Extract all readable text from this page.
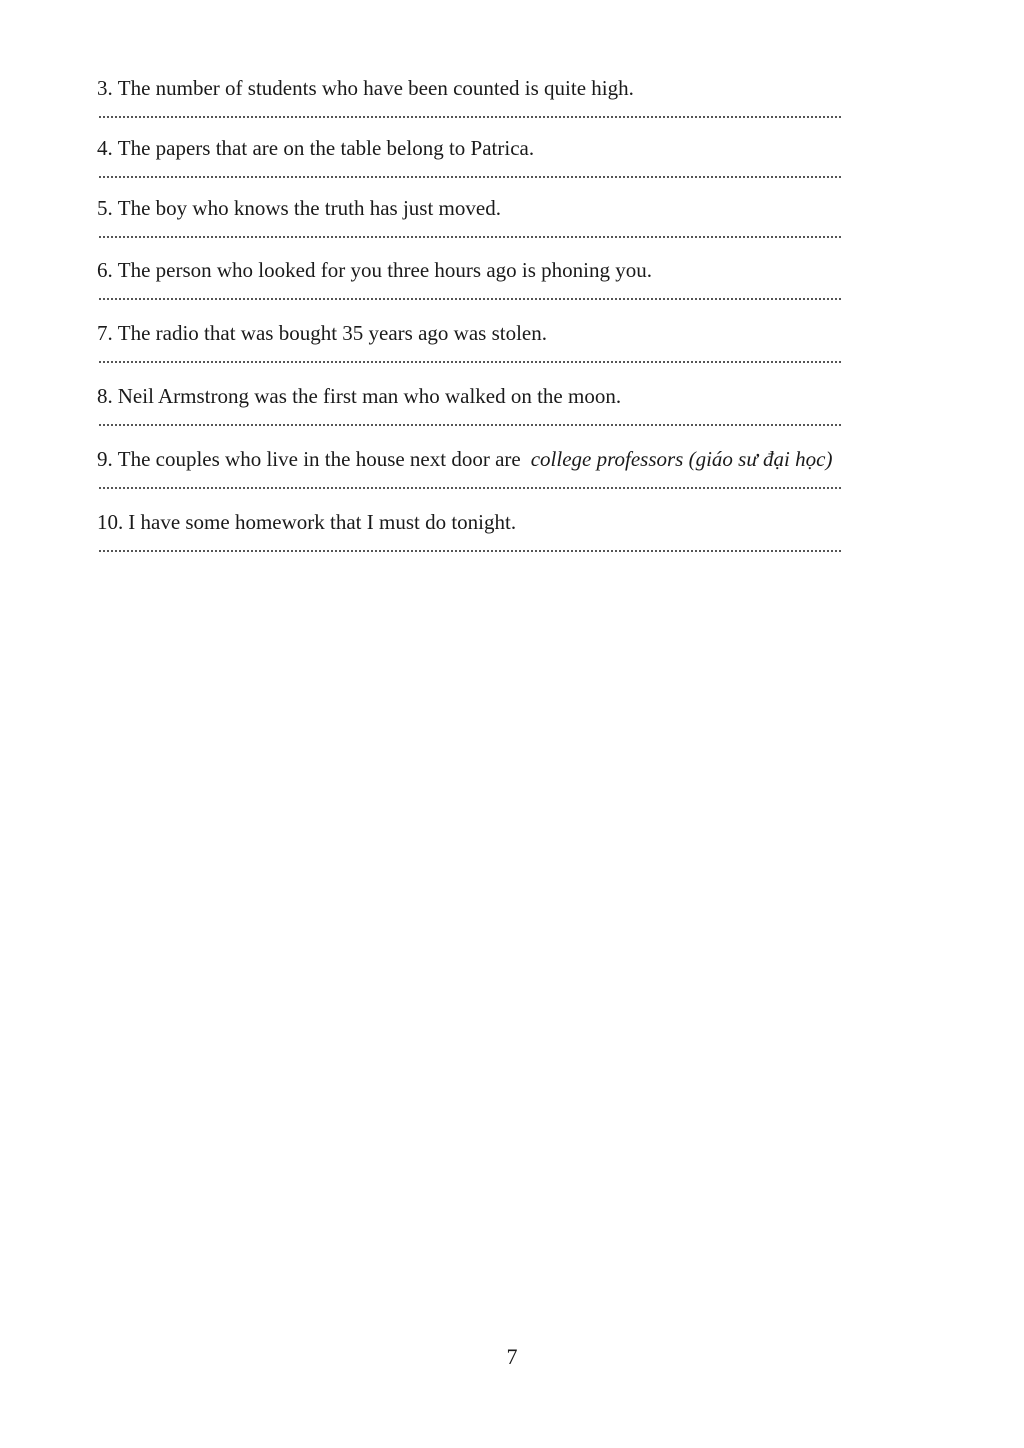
3. The number of students who have been counted is quite high.
4. The papers that are on the table belong to Patrica.
5. The boy who knows the truth has just moved.
6. The person who looked for you three hours ago is phoning you.
7. The radio that was bought 35 years ago was stolen.
8. Neil Armstrong was the first man who walked on the moon.
9. The couples who live in the house next door are college professors (giáo sư đại học)
10. I have some homework that I must do tonight.
7
